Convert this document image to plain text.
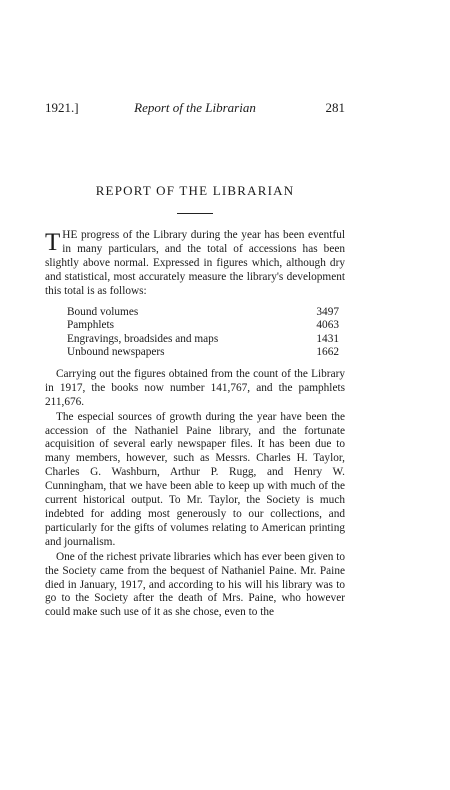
1921.]	Report of the Librarian	281
REPORT OF THE LIBRARIAN

THE progress of the Library during the year has been eventful in many particulars, and the total of accessions has been slightly above normal. Expressed in figures which, although dry and statistical, most accurately measure the library's development this total is as follows:

Bound volumes	3497
Pamphlets	4063
Engravings, broadsides and maps	1431
Unbound newspapers	1662

Carrying out the figures obtained from the count of the Library in 1917, the books now number 141,767, and the pamphlets 211,676.

The especial sources of growth during the year have been the accession of the Nathaniel Paine library, and the fortunate acquisition of several early newspaper files. It has been due to many members, however, such as Messrs. Charles H. Taylor, Charles G. Washburn, Arthur P. Rugg, and Henry W. Cunningham, that we have been able to keep up with much of the current historical output. To Mr. Taylor, the Society is much indebted for adding most generously to our collections, and particularly for the gifts of volumes relating to American printing and journalism.

One of the richest private libraries which has ever been given to the Society came from the bequest of Nathaniel Paine. Mr. Paine died in January, 1917, and according to his will his library was to go to the Society after the death of Mrs. Paine, who however could make such use of it as she chose, even to the
